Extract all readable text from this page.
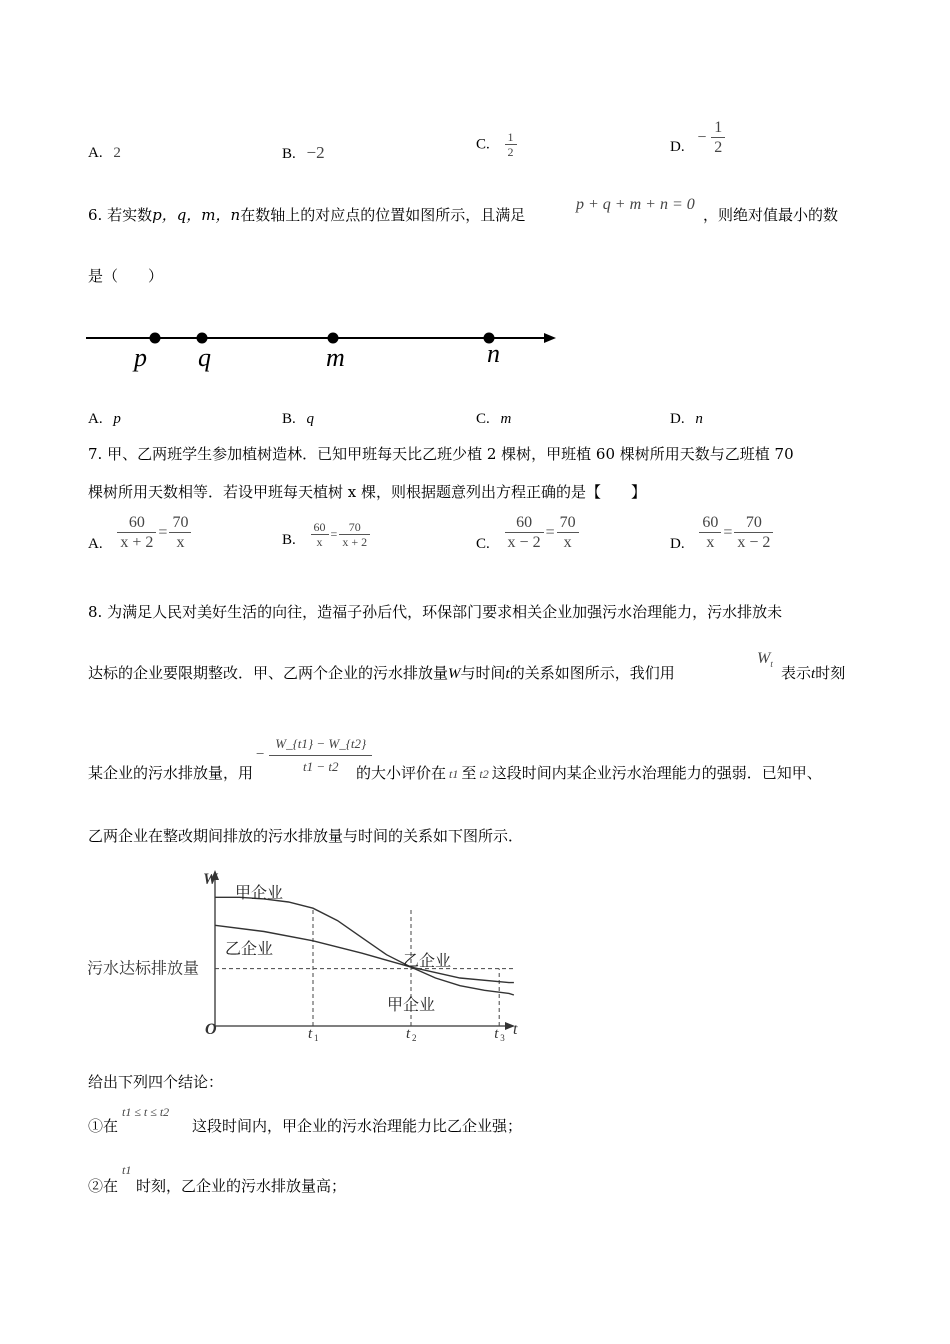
A. 2	B. −2	C. $\frac{1}{2}$	D. − $\frac{1}{2}$
6. 若实数p，q，m，n在数轴上的对应点的位置如图所示，且满足
p + q + m + n = 0
，则绝对值最小的数
是（　　）
p q	m	n
A. p	B. q	C. m	D. n
7. 甲、乙两班学生参加植树造林．已知甲班每天比乙班少植 2 棵树，甲班植 60 棵树所用天数与乙班植 70
棵树所用天数相等．若设甲班每天植树 x 棵，则根据题意列出方程正确的是【　　】
A. $\frac{60}{x + 2} = \frac{70}{x}$	B. $\frac{60}{x} = \frac{70}{x + 2}$	C. $\frac{60}{x - 2} = \frac{70}{x}$	D. $\frac{60}{x} = \frac{70}{x - 2}$
8. 为满足人民对美好生活的向往，造福子孙后代，环保部门要求相关企业加强污水治理能力，污水排放未
达标的企业要限期整改．甲、乙两个企业的污水排放量W与时间t的关系如图所示，我们用
$W_t$ 表示t时刻
某企业的污水排放量，用
− $\frac{W\_\{t1\} - W\_\{t2\}}{t1 - t2}$
的大小评价在 t1 至 t2 这段时间内某企业污水治理能力的强弱．已知甲、
乙两企业在整改期间排放的污水排放量与时间的关系如下图所示．
W
t
O
污水达标排放量
t 1	t 2	t 3
甲企业
乙企业
乙企业
甲企业
给出下列四个结论：
①在
t1 ≤ t ≤ t2
这段时间内，甲企业的污水治理能力比乙企业强；
②在
t1
时刻，乙企业的污水排放量高；
